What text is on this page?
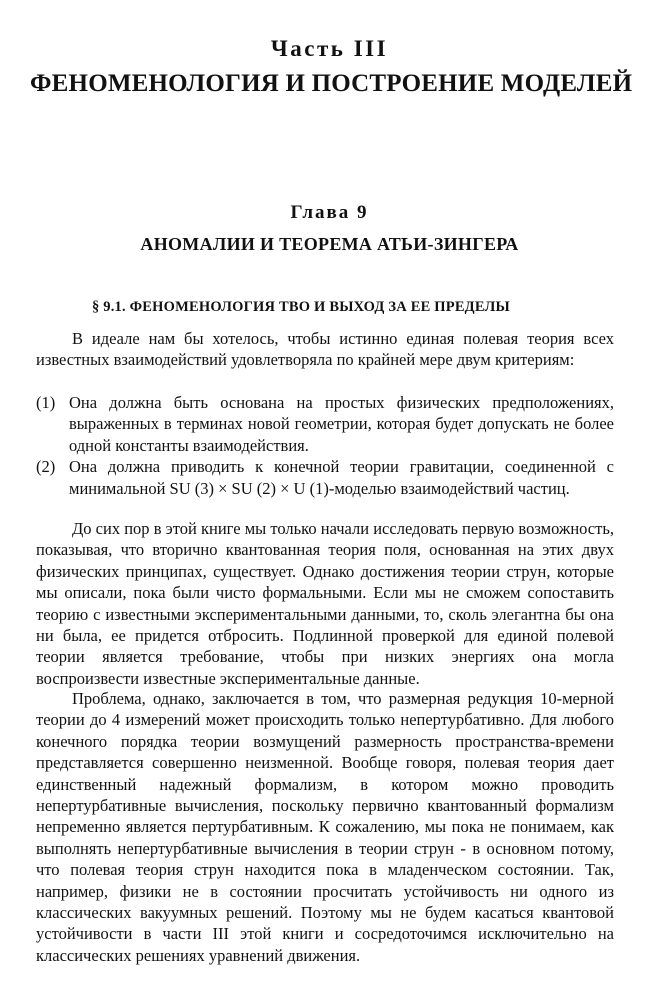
Часть III
ФЕНОМЕНОЛОГИЯ И ПОСТРОЕНИЕ МОДЕЛЕЙ
Глава 9
АНОМАЛИИ И ТЕОРЕМА АТЬИ-ЗИНГЕРА
§ 9.1. ФЕНОМЕНОЛОГИЯ ТВО И ВЫХОД ЗА ЕЕ ПРЕДЕЛЫ

В идеале нам бы хотелось, чтобы истинно единая полевая теория всех известных взаимодействий удовлетворяла по крайней мере двум критериям:

(1) Она должна быть основана на простых физических предположениях, выраженных в терминах новой геометрии, которая будет допускать не более одной константы взаимодействия.
(2) Она должна приводить к конечной теории гравитации, соединенной с минимальной SU (3) × SU (2) × U (1)-моделью взаимодействий частиц.

До сих пор в этой книге мы только начали исследовать первую возможность, показывая, что вторично квантованная теория поля, основанная на этих двух физических принципах, существует. Однако достижения теории струн, которые мы описали, пока были чисто формальными. Если мы не сможем сопоставить теорию с известными экспериментальными данными, то, сколь элегантна бы она ни была, ее придется отбросить. Подлинной проверкой для единой полевой теории является требование, чтобы при низких энергиях она могла воспроизвести известные экспериментальные данные.

Проблема, однако, заключается в том, что размерная редукция 10-мерной теории до 4 измерений может происходить только непертурбативно. Для любого конечного порядка теории возмущений размерность пространства-времени представляется совершенно неизменной. Вообще говоря, полевая теория дает единственный надежный формализм, в котором можно проводить непертурбативные вычисления, поскольку первично квантованный формализм непременно является пертурбативным. К сожалению, мы пока не понимаем, как выполнять непертурбативные вычисления в теории струн - в основном потому, что полевая теория струн находится пока в младенческом состоянии. Так, например, физики не в состоянии просчитать устойчивость ни одного из классических вакуумных решений. Поэтому мы не будем касаться квантовой устойчивости в части III этой книги и сосредоточимся исключительно на классических решениях уравнений движения.
